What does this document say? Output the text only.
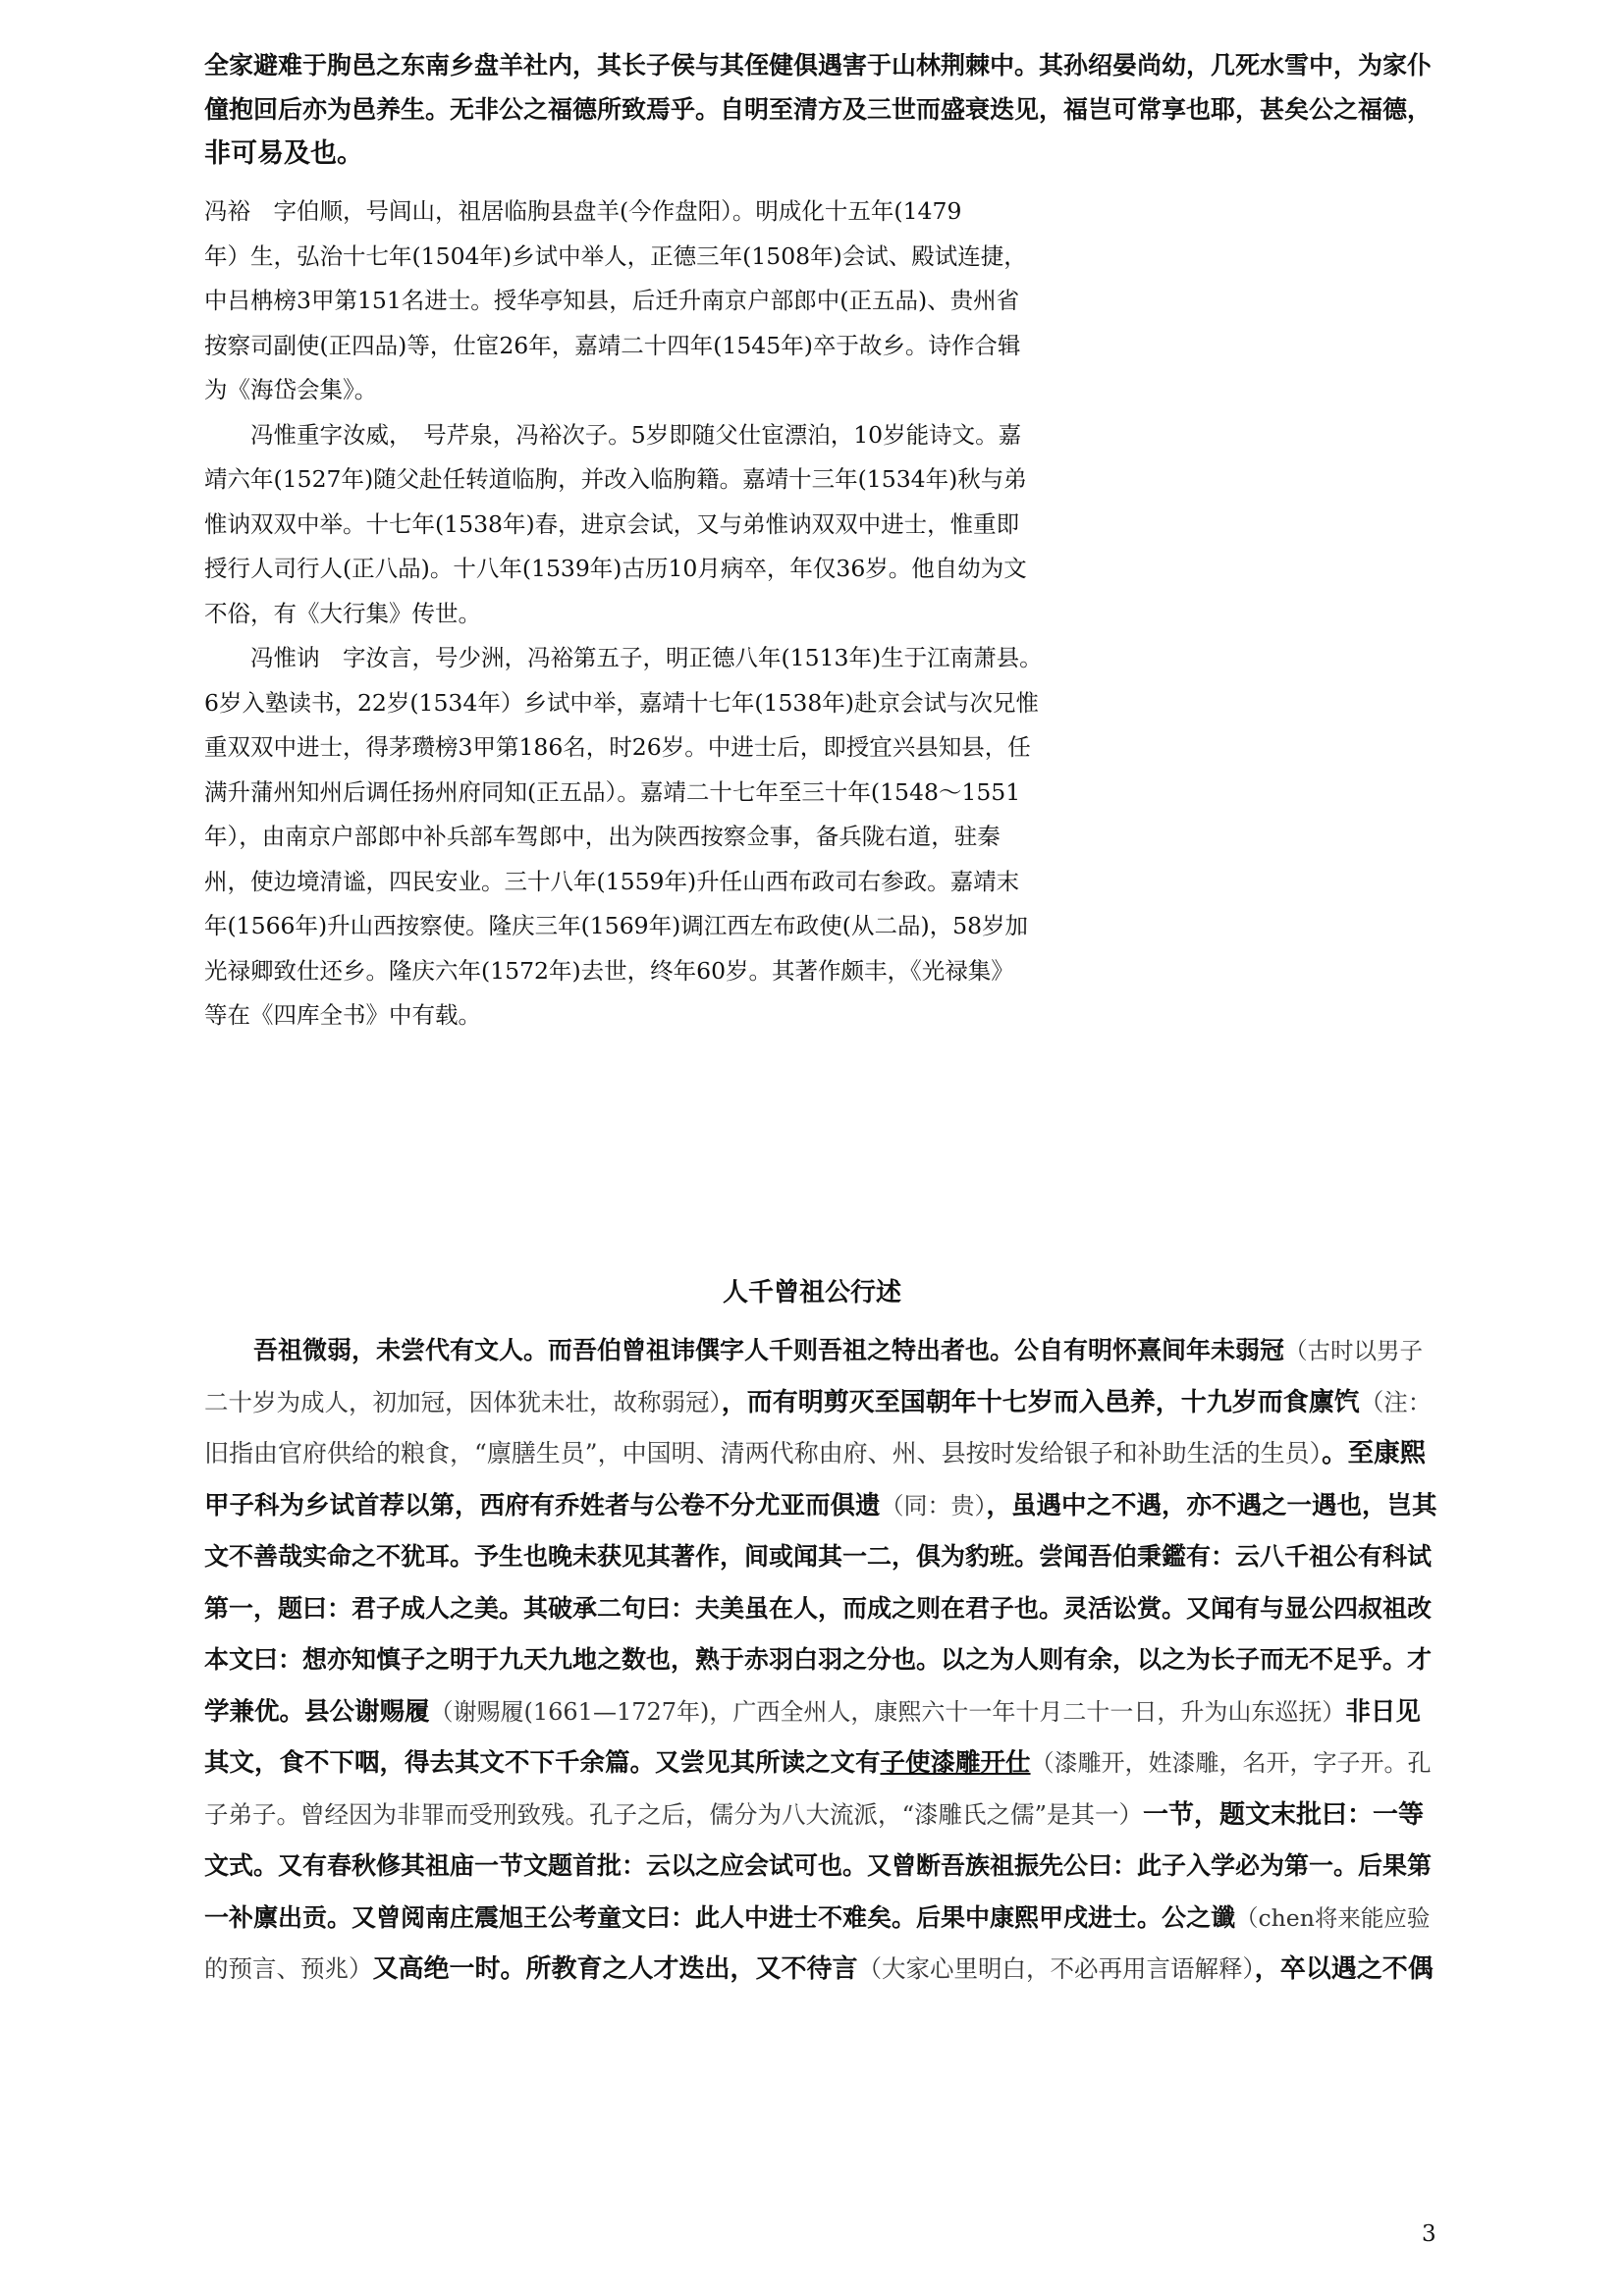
全家避难于朐邑之东南乡盘羊社内，其长子侯与其侄健俱遇害于山林荆棘中。其孙绍晏尚幼，几死水雪中，为家仆
僮抱回后亦为邑养生。无非公之福德所致焉乎。自明至清方及三世而盛衰迭见，福岂可常享也耶，甚矣公之福德，
非可易及也。
冯裕　字伯顺，号闾山，祖居临朐县盘羊(今作盘阳）。明成化十五年(1479
年）生，弘治十七年(1504年)乡试中举人，正德三年(1508年)会试、殿试连捷，
中吕柟榜3甲第151名进士。授华亭知县，后迁升南京户部郎中(正五品)、贵州省
按察司副使(正四品)等，仕宦26年，嘉靖二十四年(1545年)卒于故乡。诗作合辑
为《海岱会集》。
　　冯惟重字汝威，　号芹泉，冯裕次子。5岁即随父仕宦漂泊，10岁能诗文。嘉
靖六年(1527年)随父赴任转道临朐，并改入临朐籍。嘉靖十三年(1534年)秋与弟
惟讷双双中举。十七年(1538年)春，进京会试，又与弟惟讷双双中进士，惟重即
授行人司行人(正八品)。十八年(1539年)古历10月病卒，年仅36岁。他自幼为文
不俗，有《大行集》传世。
　　冯惟讷　字汝言，号少洲，冯裕第五子，明正德八年(1513年)生于江南萧县。
6岁入塾读书，22岁(1534年）乡试中举，嘉靖十七年(1538年)赴京会试与次兄惟
重双双中进士，得茅瓒榜3甲第186名，时26岁。中进士后，即授宜兴县知县，任
满升蒲州知州后调任扬州府同知(正五品）。嘉靖二十七年至三十年(1548～1551
年），由南京户部郎中补兵部车驾郎中，出为陕西按察佥事，备兵陇右道，驻秦
州，使边境清谧，四民安业。三十八年(1559年)升任山西布政司右参政。嘉靖末
年(1566年)升山西按察使。隆庆三年(1569年)调江西左布政使(从二品)，58岁加
光禄卿致仕还乡。隆庆六年(1572年)去世，终年60岁。其著作颇丰，《光禄集》
等在《四库全书》中有载。
人千曾祖公行述
　　吾祖微弱，未尝代有文人。而吾伯曾祖讳僎字人千则吾祖之特出者也。公自有明怀熹间年未弱冠（古时以男子
二十岁为成人，初加冠，因体犹未壮，故称弱冠），而有明剪灭至国朝年十七岁而入邑养，十九岁而食廪饩（注：
旧指由官府供给的粮食，“廪膳生员”，中国明、清两代称由府、州、县按时发给银子和补助生活的生员）。至康熙
甲子科为乡试首荐以第，西府有乔姓者与公卷不分尤亚而俱遗（同：贵），虽遇中之不遇，亦不遇之一遇也，岂其
文不善哉实命之不犹耳。予生也晚未获见其著作，间或闻其一二，俱为豹班。尝闻吾伯秉鑑有：云八千祖公有科试
第一，题曰：君子成人之美。其破承二句曰：夫美虽在人，而成之则在君子也。灵活讼赏。又闻有与显公四叔祖改
本文曰：想亦知慎子之明于九天九地之数也，熟于赤羽白羽之分也。以之为人则有余，以之为长子而无不足乎。才
学兼优。县公谢赐履（谢赐履(1661—1727年)，广西全州人，康熙六十一年十月二十一日，升为山东巡抚）非日见
其文，食不下咽，得去其文不下千余篇。又尝见其所读之文有子使漆雕开仕（漆雕开，姓漆雕，名开，字子开。孔
子弟子。曾经因为非罪而受刑致残。孔子之后，儒分为八大流派，“漆雕氏之儒”是其一）一节，题文末批曰：一等
文式。又有春秋修其祖庙一节文题首批：云以之应会试可也。又曾断吾族祖振先公曰：此子入学必为第一。后果第
一补廪出贡。又曾阅南庄震旭王公考童文曰：此人中进士不难矣。后果中康熙甲戌进士。公之谶（chen将来能应验
的预言、预兆）又高绝一时。所教育之人才迭出，又不待言（大家心里明白，不必再用言语解释），卒以遇之不偶
3
